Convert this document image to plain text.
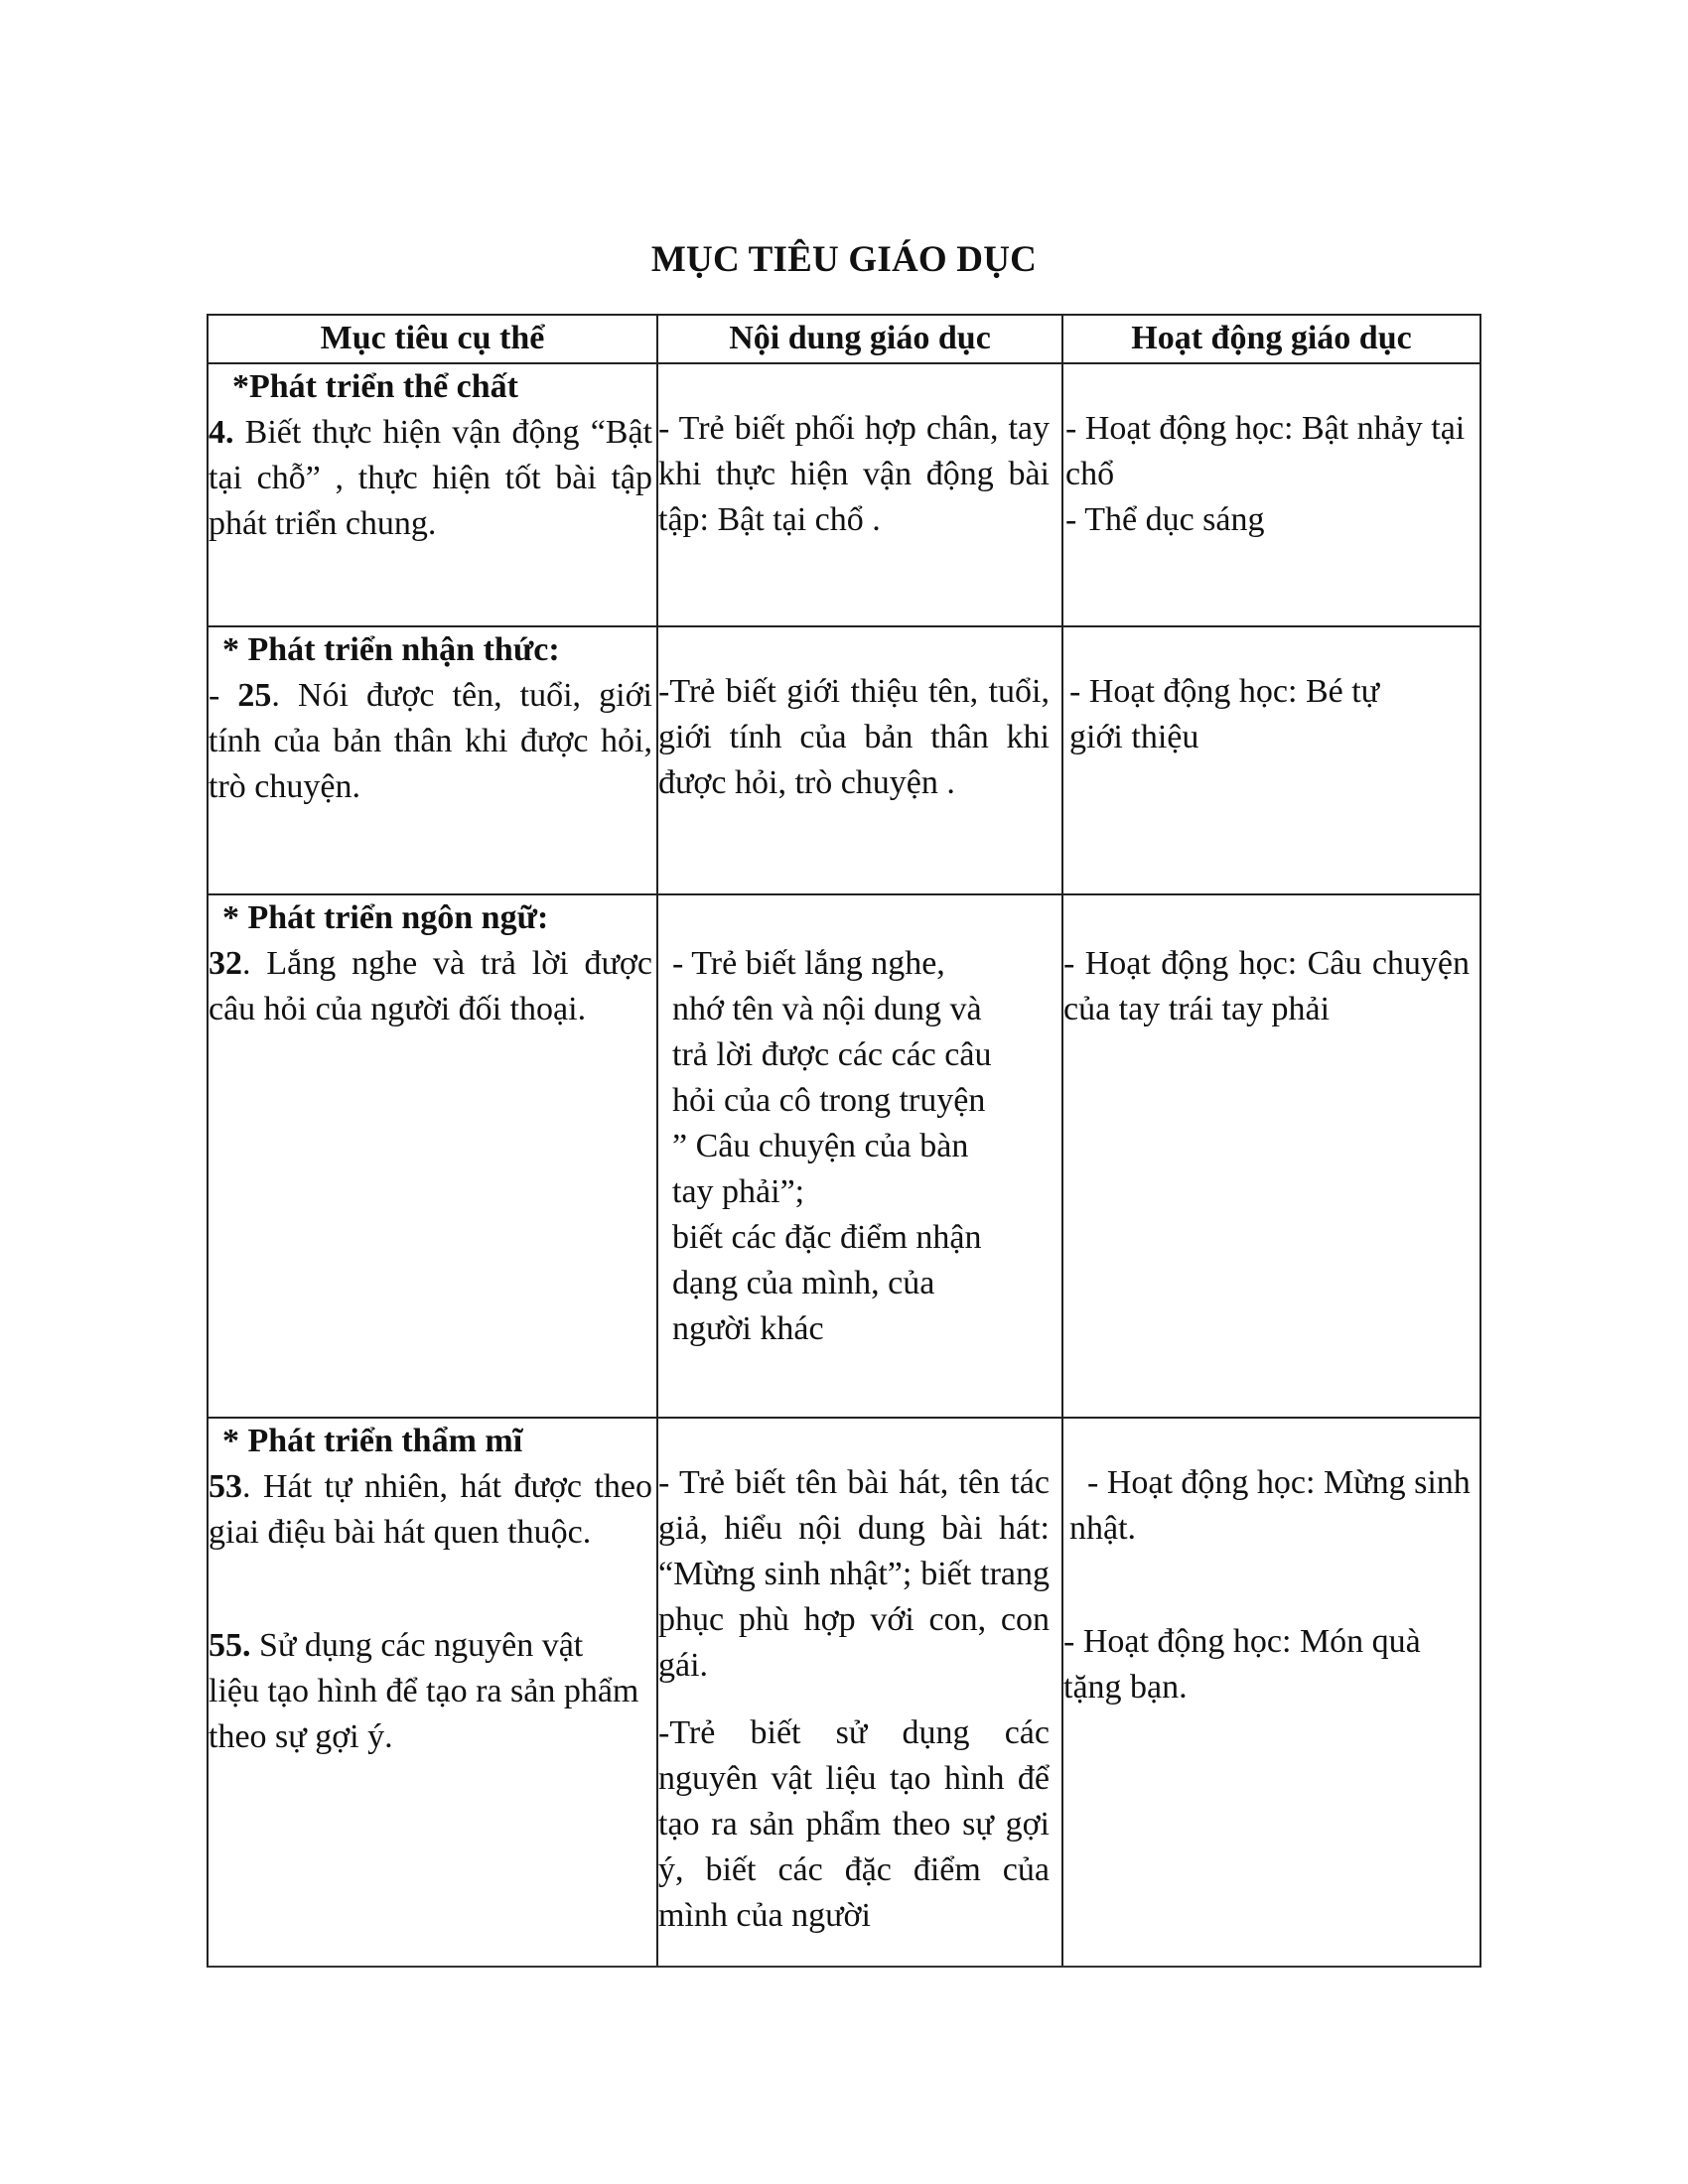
MỤC TIÊU GIÁO DỤC
Mục tiêu cụ thể	Nội dung giáo dục	Hoạt động giáo dục
*Phát triển thể chất
4. Biết thực hiện vận động “Bật tại chỗ” , thực hiện tốt bài tập phát triển chung.
- Trẻ biết phối hợp chân, tay khi thực hiện vận động bài tập: Bật tại chổ .
- Hoạt động học: Bật nhảy tại chổ
- Thể dục sáng
* Phát triển nhận thức:
- 25. Nói được tên, tuổi, giới tính của bản thân khi được hỏi, trò chuyện.
-Trẻ biết giới thiệu tên, tuổi, giới tính của bản thân khi được hỏi, trò chuyện .
- Hoạt động học: Bé tự giới thiệu
* Phát triển ngôn ngữ:
32. Lắng nghe và trả lời được câu hỏi của người đối thoại.
- Trẻ biết lắng nghe,
nhớ tên và nội dung và
trả lời được các các câu
hỏi của cô trong truyện
” Câu chuyện của bàn
tay phải”;
biết các đặc điểm nhận
dạng của mình, của
người khác
- Hoạt động học: Câu chuyện của tay trái tay phải
* Phát triển thẩm mĩ
53. Hát tự nhiên, hát được theo giai điệu bài hát quen thuộc.
55. Sử dụng các nguyên vật liệu tạo hình để tạo ra sản phẩm theo sự gợi ý.
- Trẻ biết tên bài hát, tên tác giả, hiểu nội dung bài hát: “Mừng sinh nhật”; biết trang phục phù hợp với con, con gái.
-Trẻ biết sử dụng các nguyên vật liệu tạo hình để tạo ra sản phẩm theo sự gợi ý, biết các đặc điểm của mình của người
- Hoạt động học: Mừng sinh nhật.
- Hoạt động học: Món quà tặng bạn.
